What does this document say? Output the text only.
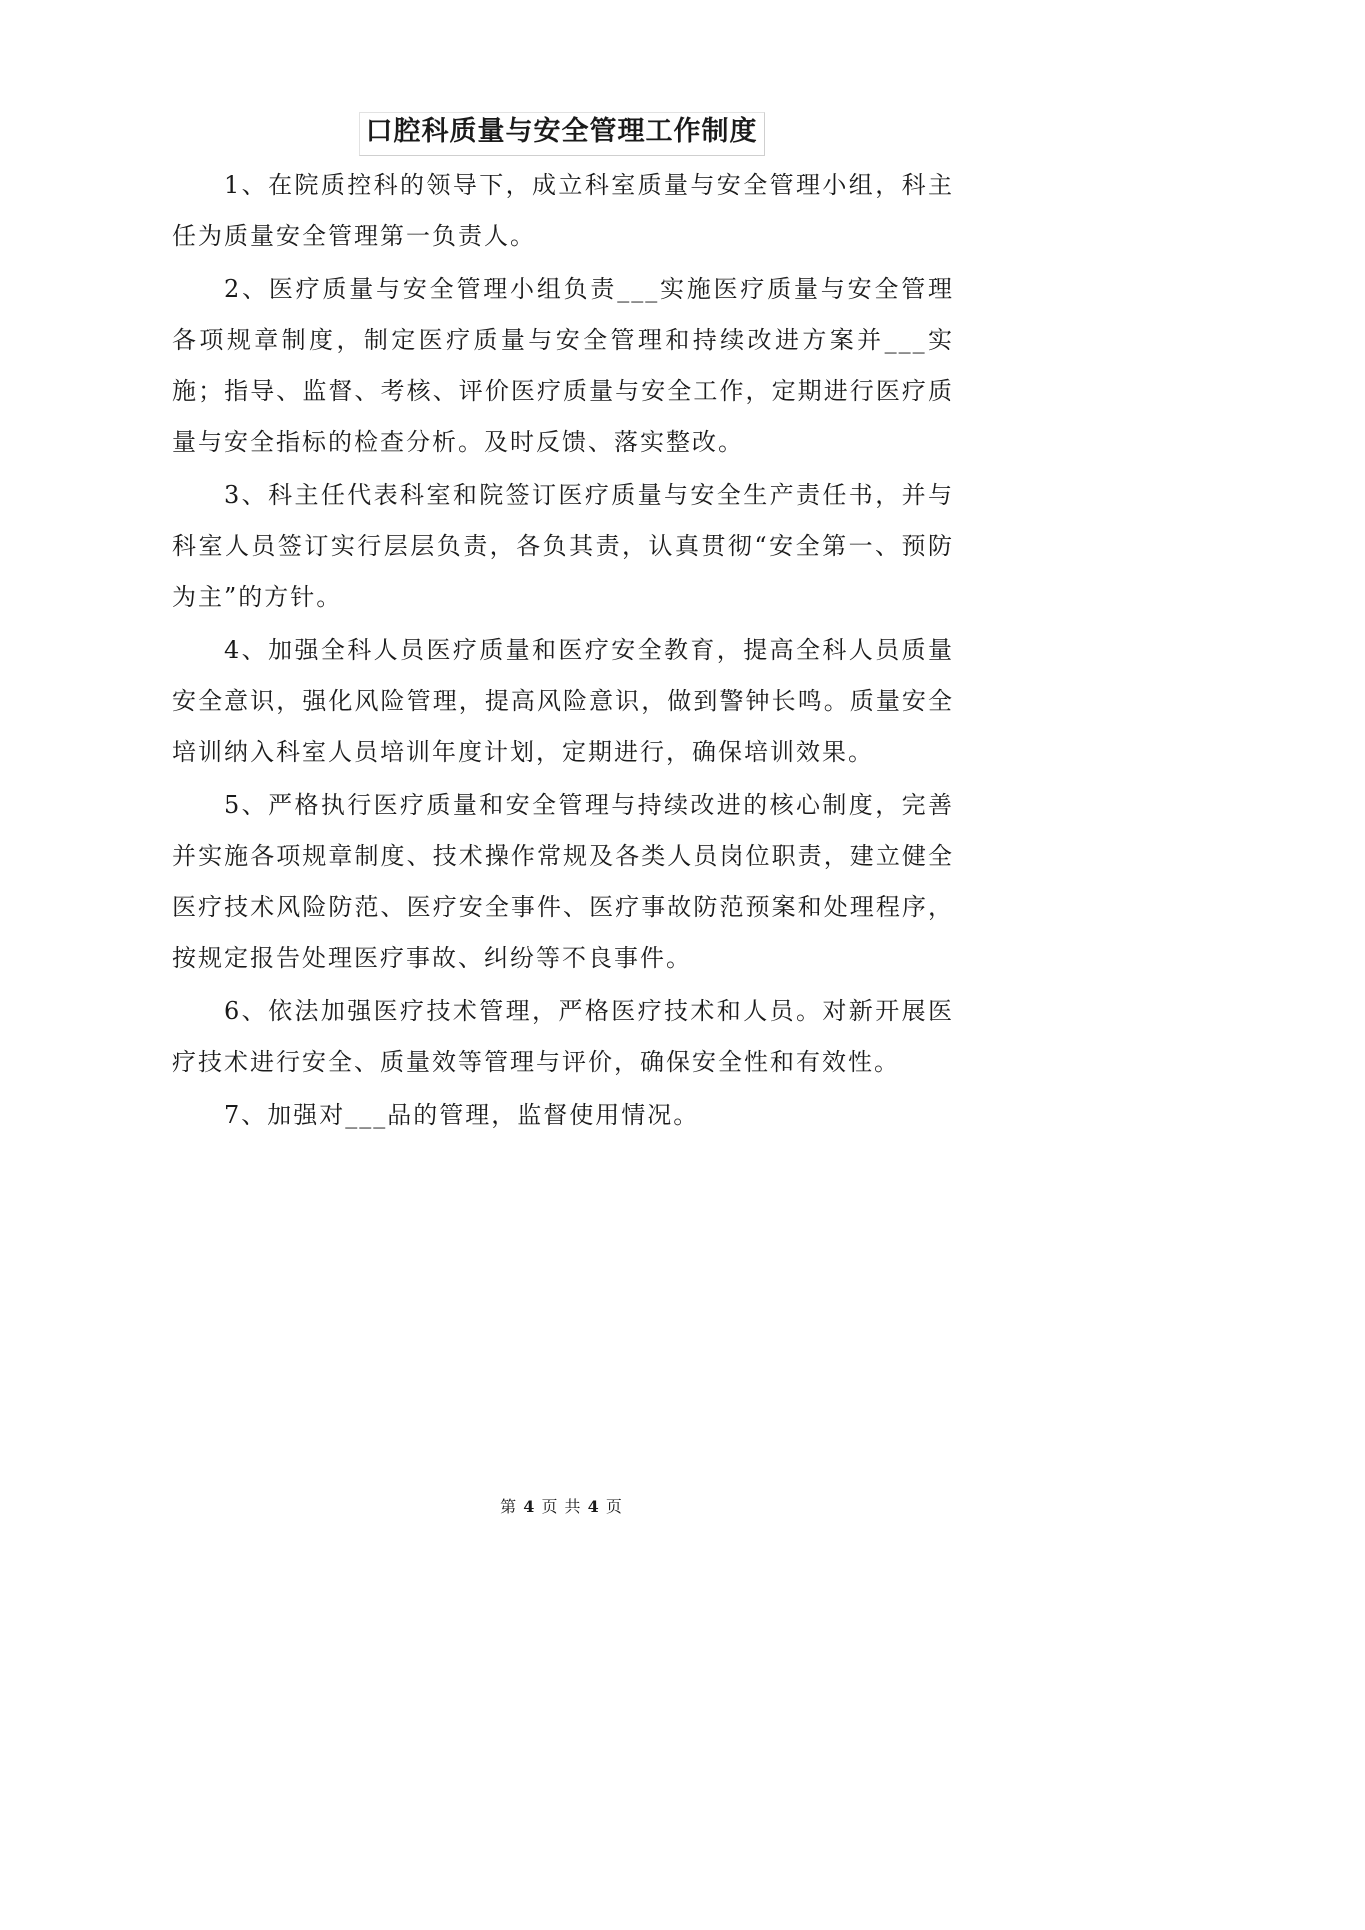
口腔科质量与安全管理工作制度

1、在院质控科的领导下，成立科室质量与安全管理小组，科主任为质量安全管理第一负责人。

2、医疗质量与安全管理小组负责___实施医疗质量与安全管理各项规章制度，制定医疗质量与安全管理和持续改进方案并___实施；指导、监督、考核、评价医疗质量与安全工作，定期进行医疗质量与安全指标的检查分析。及时反馈、落实整改。

3、科主任代表科室和院签订医疗质量与安全生产责任书，并与科室人员签订实行层层负责，各负其责，认真贯彻“安全第一、预防为主”的方针。

4、加强全科人员医疗质量和医疗安全教育，提高全科人员质量安全意识，强化风险管理，提高风险意识，做到警钟长鸣。质量安全培训纳入科室人员培训年度计划，定期进行，确保培训效果。

5、严格执行医疗质量和安全管理与持续改进的核心制度，完善并实施各项规章制度、技术操作常规及各类人员岗位职责，建立健全医疗技术风险防范、医疗安全事件、医疗事故防范预案和处理程序，按规定报告处理医疗事故、纠纷等不良事件。

6、依法加强医疗技术管理，严格医疗技术和人员。对新开展医疗技术进行安全、质量效等管理与评价，确保安全性和有效性。

7、加强对___品的管理，监督使用情况。

第 4 页 共 4 页
